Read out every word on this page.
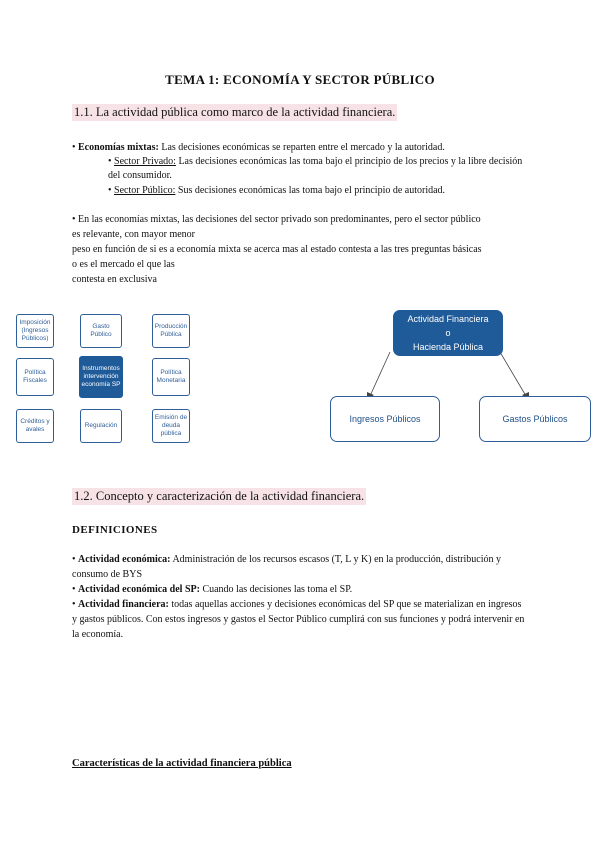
TEMA 1: ECONOMÍA Y SECTOR PÚBLICO
1.1. La actividad pública como marco de la actividad financiera.
• Economías mixtas: Las decisiones económicas se reparten entre el mercado y la autoridad.
• Sector Privado: Las decisiones económicas las toma bajo el principio de los precios y la libre decisión del consumidor.
• Sector Público: Sus decisiones económicas las toma bajo el principio de autoridad.
• En las economías mixtas, las decisiones del sector privado son predominantes, pero el sector público
es relevante, con mayor menor
peso en función de si es a economía mixta se acerca mas al estado contesta a las tres preguntas básicas
o es el mercado el que las
contesta en exclusiva
Imposición (Ingresos Públicos)
Gasto Público
Producción Pública
Política Fiscales
Instrumentos intervención economía SP
Política Monetaria
Créditos y avales
Regulación
Emisión de deuda pública
Actividad Financiera
o
Hacienda Pública
Ingresos Públicos	Gastos Públicos
1.2. Concepto y caracterización de la actividad financiera.
DEFINICIONES
• Actividad económica: Administración de los recursos escasos (T, L y K) en la producción, distribución y consumo de BYS
• Actividad económica del SP: Cuando las decisiones las toma el SP.
• Actividad financiera: todas aquellas acciones y decisiones económicas del SP que se materializan en ingresos y gastos públicos. Con estos ingresos y gastos el Sector Público cumplirá con sus funciones y podrá intervenir en la economía.
Características de la actividad financiera pública
